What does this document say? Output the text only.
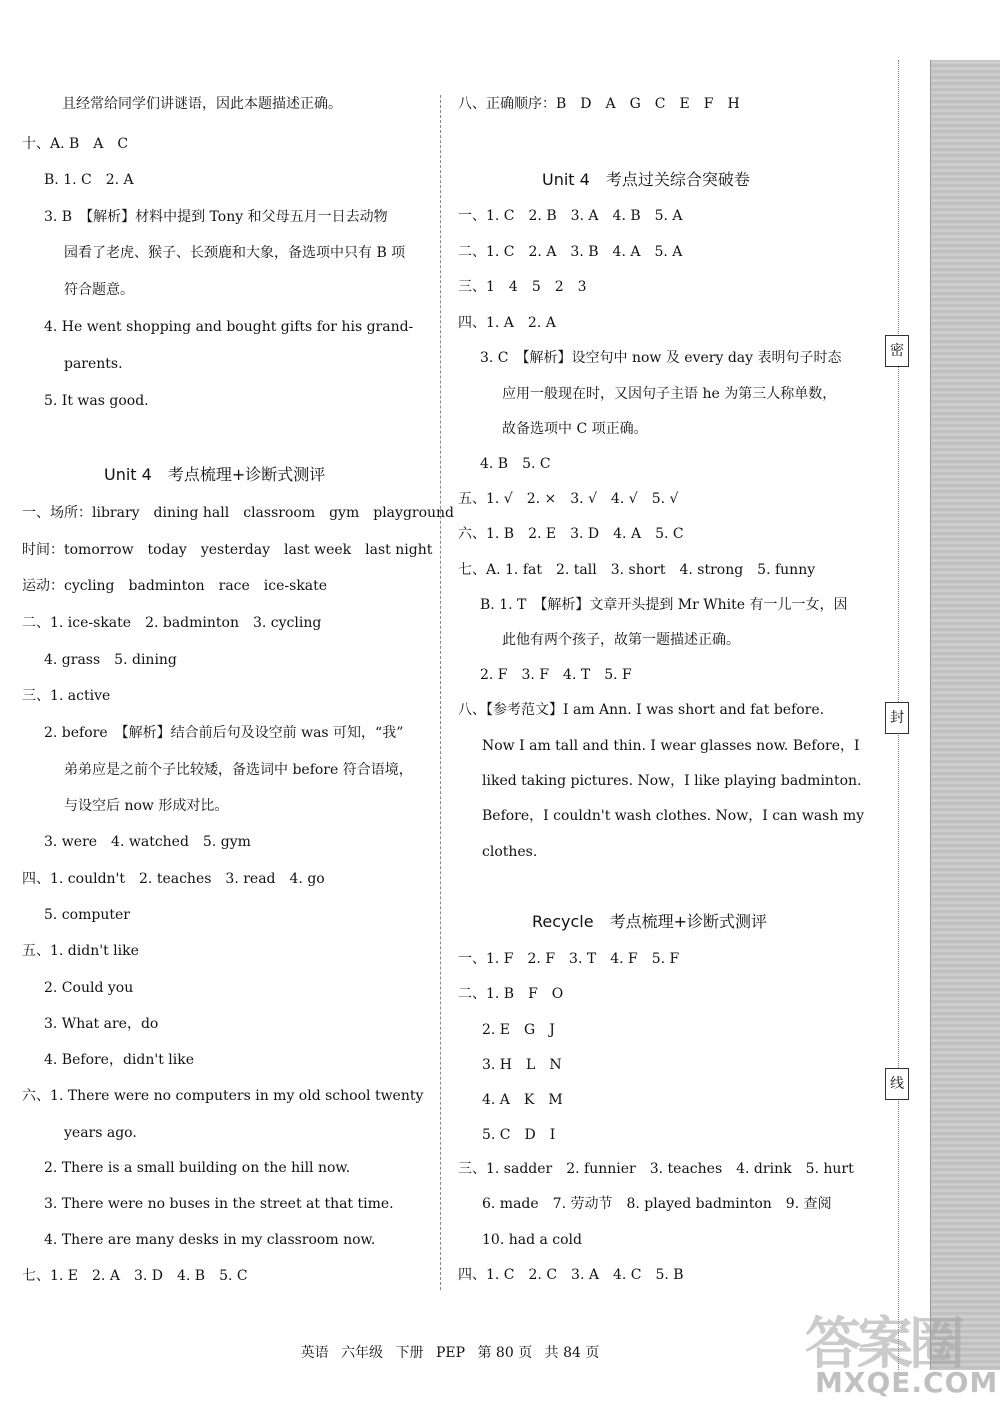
且经常给同学们讲谜语，因此本题描述正确。
十、A. B　A　C
B. 1. C　2. A
3. B　【解析】材料中提到 Tony 和父母五月一日去动物
园看了老虎、猴子、长颈鹿和大象，备选项中只有 B 项
符合题意。
4. He went shopping and bought gifts for his grand-
parents.
5. It was good.
Unit 4　考点梳理+诊断式测评
一、场所：library　dining hall　classroom　gym　playground
时间：tomorrow　today　yesterday　last week　last night
运动：cycling　badminton　race　ice-skate
二、1. ice-skate　2. badminton　3. cycling
4. grass　5. dining
三、1. active
2. before　【解析】结合前后句及设空前 was 可知，“我”
弟弟应是之前个子比较矮，备选词中 before 符合语境，
与设空后 now 形成对比。
3. were　4. watched　5. gym
四、1. couldn't　2. teaches　3. read　4. go
5. computer
五、1. didn't like
2. Could you
3. What are，do
4. Before，didn't like
六、1. There were no computers in my old school twenty
years ago.
2. There is a small building on the hill now.
3. There were no buses in the street at that time.
4. There are many desks in my classroom now.
七、1. E　2. A　3. D　4. B　5. C
八、正确顺序：B　D　A　G　C　E　F　H
Unit 4　考点过关综合突破卷
一、1. C　2. B　3. A　4. B　5. A
二、1. C　2. A　3. B　4. A　5. A
三、1　4　5　2　3
四、1. A　2. A
3. C　【解析】设空句中 now 及 every day 表明句子时态
应用一般现在时，又因句子主语 he 为第三人称单数，
故备选项中 C 项正确。
4. B　5. C
五、1. √　2. ×　3. √　4. √　5. √
六、1. B　2. E　3. D　4. A　5. C
七、A. 1. fat　2. tall　3. short　4. strong　5. funny
B. 1. T　【解析】文章开头提到 Mr White 有一儿一女，因
此他有两个孩子，故第一题描述正确。
2. F　3. F　4. T　5. F
八、【参考范文】I am Ann. I was short and fat before.
Now I am tall and thin. I wear glasses now. Before，I
liked taking pictures. Now，I like playing badminton.
Before，I couldn't wash clothes. Now，I can wash my
clothes.
Recycle　考点梳理+诊断式测评
一、1. F　2. F　3. T　4. F　5. F
二、1. B　F　O
2. E　G　J
3. H　L　N
4. A　K　M
5. C　D　I
三、1. sadder　2. funnier　3. teaches　4. drink　5. hurt
6. made　7. 劳动节　8. played badminton　9. 查阅
10. had a cold
四、1. C　2. C　3. A　4. C　5. B
密
封
线
英语 六年级 下册 PEP 第 80 页 共 84 页	答案圈
MXQE.COM
